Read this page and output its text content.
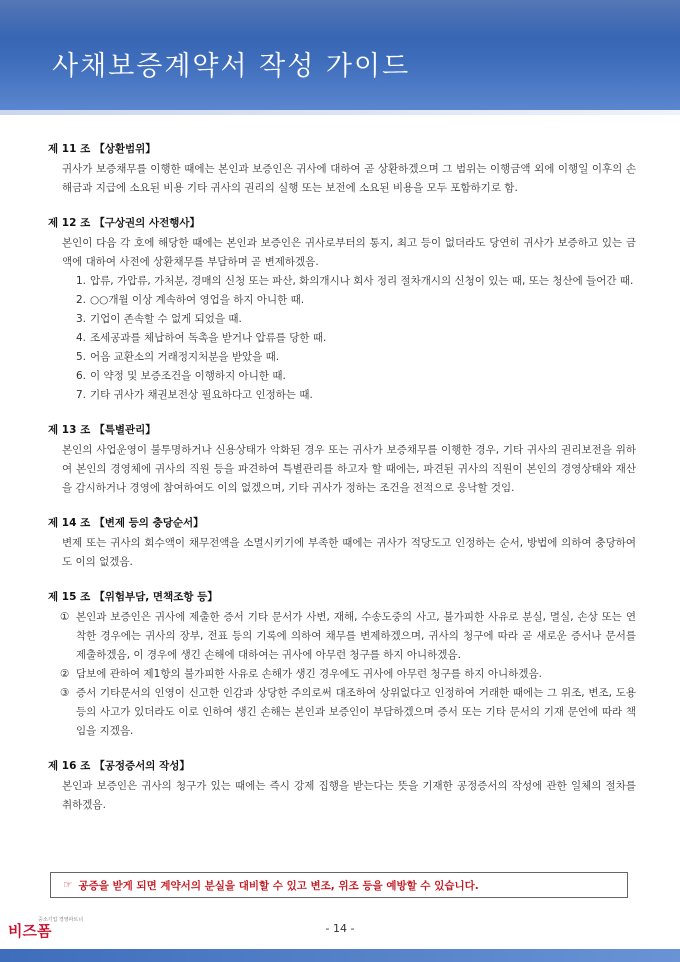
사채보증계약서 작성 가이드
제 11 조 【상환범위】
귀사가 보증채무를 이행한 때에는 본인과 보증인은 귀사에 대하여 곧 상환하겠으며 그 범위는 이행금액 외에 이행일 이후의 손해금과 지급에 소요된 비용 기타 귀사의 권리의 실행 또는 보전에 소요된 비용을 모두 포함하기로 함.
제 12 조 【구상권의 사전행사】
본인이 다음 각 호에 해당한 때에는 본인과 보증인은 귀사로부터의 통지, 최고 등이 없더라도 당연히 귀사가 보증하고 있는 금액에 대하여 사전에 상환채무를 부담하며 곧 변제하겠음.
1. 압류, 가압류, 가처분, 경매의 신청 또는 파산, 화의개시나 회사 정리 절차개시의 신청이 있는 때, 또는 청산에 들어간 때.
2. ○○개월 이상 계속하여 영업을 하지 아니한 때.
3. 기업이 존속할 수 없게 되었을 때.
4. 조세공과를 체납하여 독촉을 받거나 압류를 당한 때.
5. 어음 교환소의 거래정지처분을 받았을 때.
6. 이 약정 및 보증조건을 이행하지 아니한 때.
7. 기타 귀사가 채권보전상 필요하다고 인정하는 때.
제 13 조 【특별관리】
본인의 사업운영이 불투명하거나 신용상태가 악화된 경우 또는 귀사가 보증채무를 이행한 경우, 기타 귀사의 권리보전을 위하여 본인의 경영체에 귀사의 직원 등을 파견하여 특별관리를 하고자 할 때에는, 파견된 귀사의 직원이 본인의 경영상태와 재산을 감시하거나 경영에 참여하여도 이의 없겠으며, 기타 귀사가 정하는 조건을 전적으로 응낙할 것임.
제 14 조 【변제 등의 충당순서】
변제 또는 귀사의 회수액이 채무전액을 소멸시키기에 부족한 때에는 귀사가 적당도고 인정하는 순서, 방법에 의하여 충당하여도 이의 없겠음.
제 15 조 【위험부담, 면책조항 등】
① 본인과 보증인은 귀사에 제출한 증서 기타 문서가 사변, 재해, 수송도중의 사고, 불가피한 사유로 분실, 멸실, 손상 또는 연착한 경우에는 귀사의 장부, 전표 등의 기록에 의하여 채무를 변제하겠으며, 귀사의 청구에 따라 곧 새로운 증서나 문서를 제출하겠음, 이 경우에 생긴 손해에 대하여는 귀사에 아무런 청구를 하지 아니하겠음.
② 담보에 관하여 제1항의 불가피한 사유로 손해가 생긴 경우에도 귀사에 아무런 청구를 하지 아니하겠음.
③ 증서 기타문서의 인영이 신고한 인감과 상당한 주의로써 대조하여 상위없다고 인정하여 거래한 때에는 그 위조, 변조, 도용 등의 사고가 있더라도 이로 인하여 생긴 손해는 본인과 보증인이 부담하겠으며 증서 또는 기타 문서의 기재 문언에 따라 책임을 지겠음.
제 16 조 【공정증서의 작성】
본인과 보증인은 귀사의 청구가 있는 때에는 즉시 강제 집행을 받는다는 뜻을 기재한 공정증서의 작성에 관한 일체의 절차를 취하겠음.
☞ 공증을 받게 되면 계약서의 분실을 대비할 수 있고 변조, 위조 등을 예방할 수 있습니다.
비즈폼
중소기업 경영파트너
- 14 -
